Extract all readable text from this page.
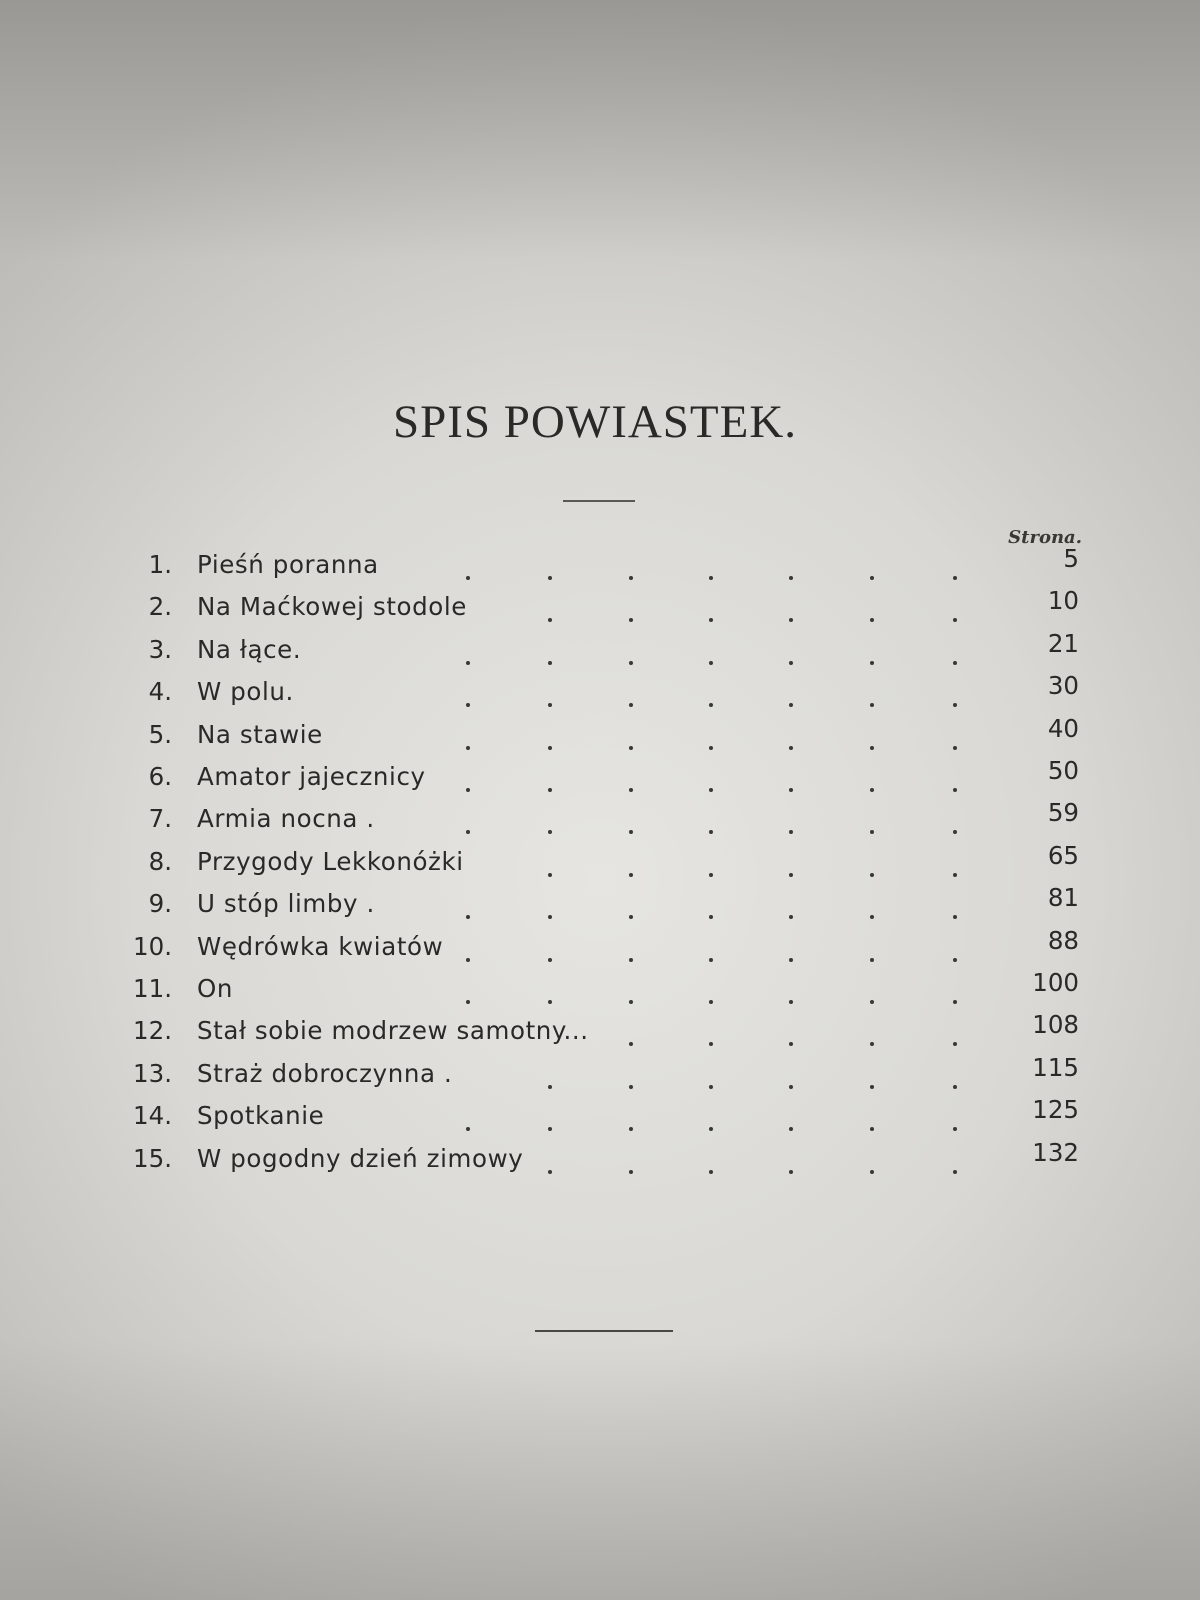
SPIS POWIASTEK.
Strona.
1. Pieśń poranna	5
2. Na Maćkowej stodole	10
3. Na łące.	21
4. W polu.	30
5. Na stawie	40
6. Amator jajecznicy	50
7. Armia nocna .	59
8. Przygody Lekkonóżki	65
9. U stóp limby .	81
10. Wędrówka kwiatów	88
11. On	100
12. Stał sobie modrzew samotny...	108
13. Straż dobroczynna .	115
14. Spotkanie	125
15. W pogodny dzień zimowy	132
